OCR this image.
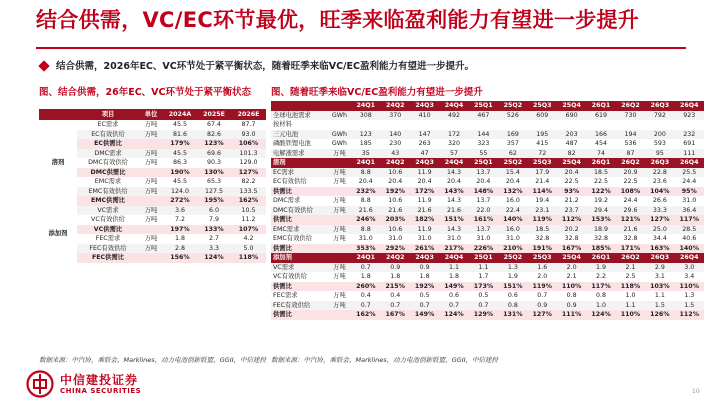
结合供需，VC/EC环节最优，旺季来临盈利能力有望进一步提升
结合供需，2026年EC、VC环节处于紧平衡状态，随着旺季来临VC/EC盈利能力有望进一步提升。
图、结合供需，26年EC、VC环节处于紧平衡状态 图、随着旺季来临VC/EC盈利能力有望进一步提升
	项目	单位	2024A	2025E	2026E
溶剂	EC需求	万吨	45.5	67.4	87.7
	EC有效供给	万吨	81.6	82.6	93.0
	EC供需比		179%	123%	106%
	DMC需求	万吨	45.5	69.6	101.3
	DMC有效供给	万吨	86.3	90.3	129.0
	DMC供需比		190%	130%	127%
	EMC需求	万吨	45.5	65.3	82.2
	EMC有效供给	万吨	124.0	127.5	133.5
	EMC供需比		272%	195%	162%
添加剂	VC需求	万吨	3.6	6.0	10.5
	VC有效供给	万吨	7.2	7.9	11.2
	VC供需比		197%	133%	107%
	FEC需求	万吨	1.8	2.7	4.2
	FEC有效供给	万吨	2.8	3.3	5.0
	FEC供需比		156%	124%	118%
		24Q1	24Q2	24Q3	24Q4	25Q1	25Q2	25Q3	25Q4	26Q1	26Q2	26Q3	26Q4
全球电池需求	GWh	308	370	410	492	467	526	609	690	619	730	792	923
按材料													
三元电池	GWh	123	140	147	172	144	169	195	203	166	194	200	232
磷酸铁锂电池	GWh	185	230	263	320	323	357	415	487	454	536	593	691
电解液需求	万吨	35	43	47	57	55	62	72	82	74	87	95	111
溶剂		24Q1	24Q2	24Q3	24Q4	25Q1	25Q2	25Q3	25Q4	26Q1	26Q2	26Q3	26Q4
EC需求	万吨	8.8	10.6	11.9	14.3	13.7	15.4	17.9	20.4	18.5	20.9	22.8	25.5
EC有效供给	万吨	20.4	20.4	20.4	20.4	20.4	20.4	21.4	22.5	22.5	22.5	23.6	24.4
供需比		232%	192%	172%	143%	148%	132%	114%	93%	122%	108%	104%	95%
DMC需求	万吨	8.8	10.6	11.9	14.3	13.7	16.0	19.4	21.2	19.2	24.4	26.6	31.0
DMC有效供给	万吨	21.6	21.6	21.6	21.6	22.0	22.4	23.1	23.7	29.4	29.6	33.3	36.4
供需比		246%	203%	182%	151%	161%	140%	119%	112%	153%	121%	127%	117%
EMC需求	万吨	8.8	10.6	11.9	14.3	13.7	16.0	18.5	20.2	18.9	21.6	25.0	28.5
EMC有效供给	万吨	31.0	31.0	31.0	31.0	31.0	31.0	32.8	32.8	32.8	32.8	34.4	40.6
供需比		353%	292%	261%	217%	226%	210%	191%	167%	185%	171%	163%	140%
添加剂		24Q1	24Q2	24Q3	24Q4	25Q1	25Q2	25Q3	25Q4	26Q1	26Q2	26Q3	26Q4
VC需求	万吨	0.7	0.9	0.9	1.1	1.1	1.3	1.6	2.0	1.9	2.1	2.9	3.0
VC有效供给	万吨	1.8	1.8	1.8	1.8	1.7	1.9	2.0	2.1	2.2	2.5	3.1	3.4
供需比		260%	215%	192%	149%	173%	151%	119%	110%	117%	118%	103%	110%
FEC需求	万吨	0.4	0.4	0.5	0.6	0.5	0.6	0.7	0.8	0.8	1.0	1.1	1.3
FEC有效供给	万吨	0.7	0.7	0.7	0.7	0.7	0.8	0.9	0.9	1.0	1.1	1.5	1.5
供需比		162%	167%	149%	124%	129%	131%	127%	111%	124%	110%	126%	112%
数据来源：中汽协，乘联会，Marklines，动力电池创新联盟，GGII，中信建投 数据来源：中汽协，乘联会，Marklines，动力电池创新联盟，GGII，中信建投
中信建投证券
CHINA SECURITIES	10
